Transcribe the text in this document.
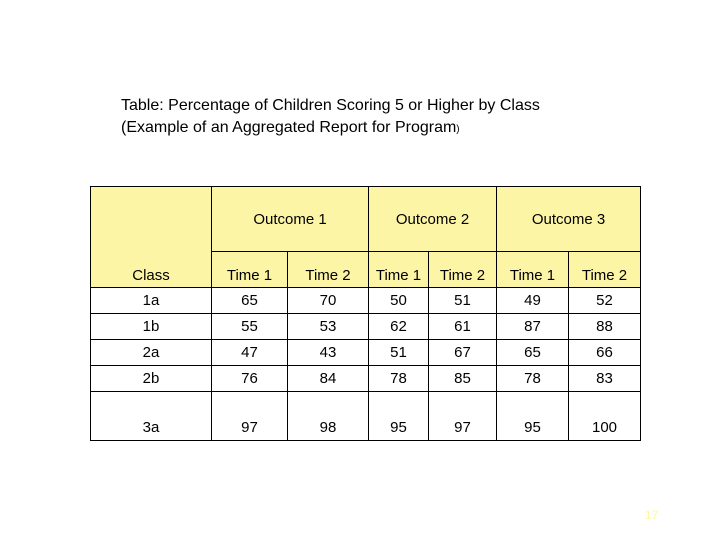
Table: Percentage of Children Scoring 5 or Higher by Class
(Example of an Aggregated Report for Program)
Class	Outcome 1		Outcome 2		Outcome 3	
	Time 1	Time 2	Time 1	Time 2	Time 1	Time 2
1a	65	70	50	51	49	52
1b	55	53	62	61	87	88
2a	47	43	51	67	65	66
2b	76	84	78	85	78	83
3a	97	98	95	97	95	100
17
